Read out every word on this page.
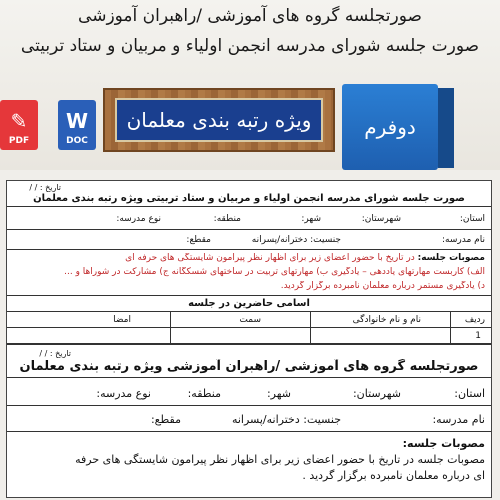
صورتجلسه گروه های آموزشی /راهبران آموزشی
صورت جلسه شورای مدرسه انجمن اولیاء و مربیان و ستاد تربیتی
✎
PDF
W
DOC
ویژه رتبه بندی معلمان	دوفرم
تاریخ : / /
صورت جلسه شورای مدرسه انجمن اولیاء و مربیان و ستاد تربیتی ویژه رتبه بندی معلمان
استان:
شهرستان:
شهر:
منطقه:
نوع مدرسه:
نام مدرسه:
جنسیت: دخترانه/پسرانه
مقطع:
مصوبات جلسه: در تاریخ با حضور اعضای زیر برای اظهار نظر پیرامون شایستگی های حرفه ای
الف) کاربست مهارتهای یاددهی – یادگیری ب) مهارتهای تربیت در ساختهای شسکگانه ج) مشارکت در شوراها و ...
د) یادگیری مستمر درباره معلمان نامبرده برگزار گردید.
اسامی حاضرین در جلسه
ردیف
نام و نام خانوادگی
سمت
امضا
1
تاریخ : / /
صورتجلسه گروه های آموزشی /راهبران آموزشی ویژه رتبه بندی معلمان
استان:
شهرستان:
شهر:
منطقه:
نوع مدرسه:
نام مدرسه:
جنسیت: دخترانه/پسرانه
مقطع:
مصوبات جلسه:
مصوبات جلسه در تاریخ با حضور اعضای زیر برای اظهار نظر پیرامون شایستگی های حرفه
ای درباره معلمان نامبرده برگزار گردید .
